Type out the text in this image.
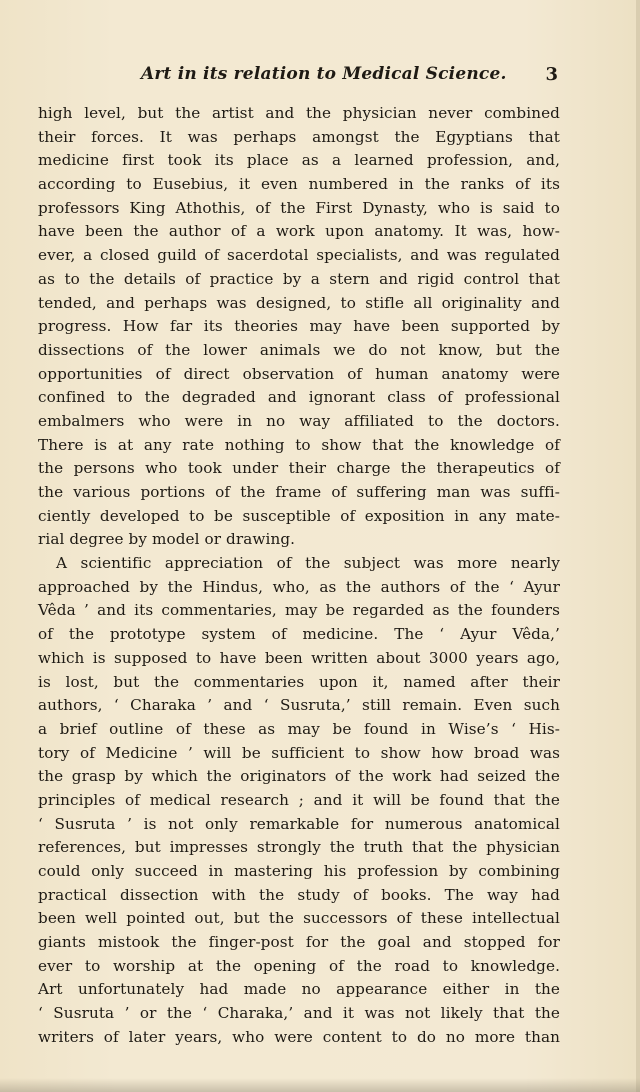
Art in its relation to Medical Science. 3
high level, but the artist and the physician never combined
their forces. It was perhaps amongst the Egyptians that
medicine first took its place as a learned profession, and,
according to Eusebius, it even numbered in the ranks of its
professors King Athothis, of the First Dynasty, who is said to
have been the author of a work upon anatomy. It was, how-
ever, a closed guild of sacerdotal specialists, and was regulated
as to the details of practice by a stern and rigid control that
tended, and perhaps was designed, to stifle all originality and
progress. How far its theories may have been supported by
dissections of the lower animals we do not know, but the
opportunities of direct observation of human anatomy were
confined to the degraded and ignorant class of professional
embalmers who were in no way affiliated to the doctors.
There is at any rate nothing to show that the knowledge of
the persons who took under their charge the therapeutics of
the various portions of the frame of suffering man was suffi-
ciently developed to be susceptible of exposition in any mate-
rial degree by model or drawing.
A scientific appreciation of the subject was more nearly
approached by the Hindus, who, as the authors of the ‘ Ayur
Vêda ’ and its commentaries, may be regarded as the founders
of the prototype system of medicine. The ‘ Ayur Vêda,’
which is supposed to have been written about 3000 years ago,
is lost, but the commentaries upon it, named after their
authors, ‘ Charaka ’ and ‘ Susruta,’ still remain. Even such
a brief outline of these as may be found in Wise’s ‘ His-
tory of Medicine ’ will be sufficient to show how broad was
the grasp by which the originators of the work had seized the
principles of medical research ; and it will be found that the
‘ Susruta ’ is not only remarkable for numerous anatomical
references, but impresses strongly the truth that the physician
could only succeed in mastering his profession by combining
practical dissection with the study of books. The way had
been well pointed out, but the successors of these intellectual
giants mistook the finger-post for the goal and stopped for
ever to worship at the opening of the road to knowledge.
Art unfortunately had made no appearance either in the
‘ Susruta ’ or the ‘ Charaka,’ and it was not likely that the
writers of later years, who were content to do no more than
